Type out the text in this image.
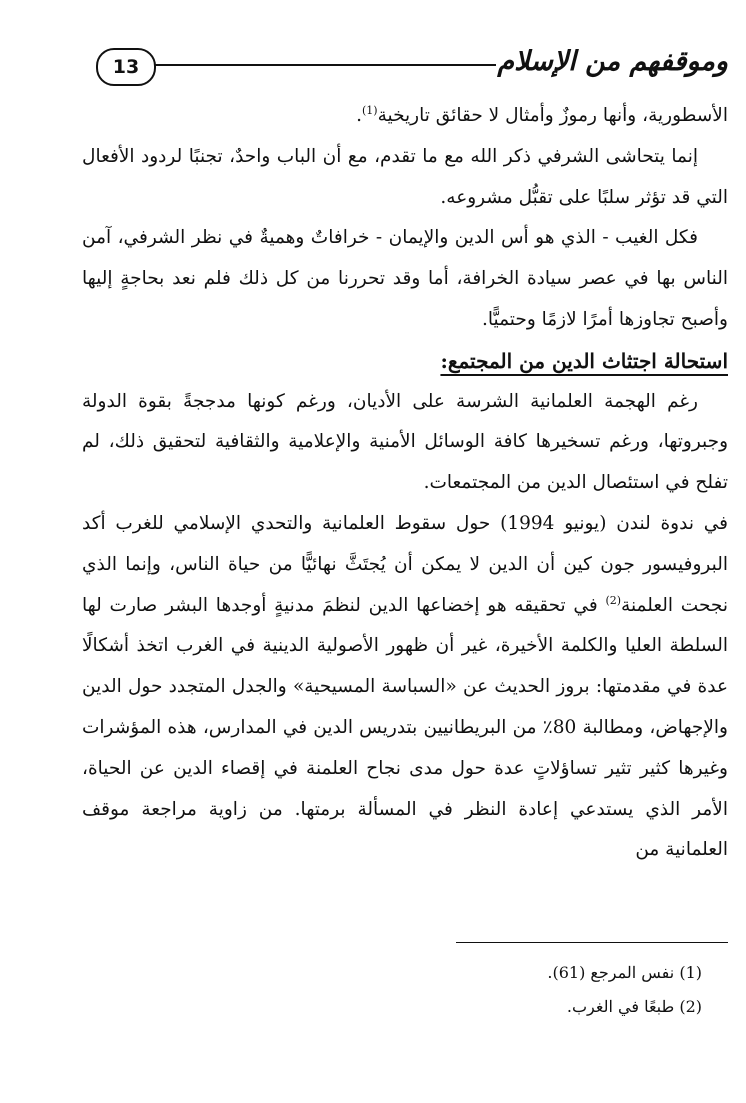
13	وموقفهم من الإسلام

الأسطورية، وأنها رموزٌ وأمثال لا حقائق تاريخية$^{(1)}$.

إنما يتحاشى الشرفي ذكر الله مع ما تقدم، مع أن الباب واحدٌ، تجنبًا لردود الأفعال التي قد تؤثر سلبًا على تقبُّل مشروعه.

فكل الغيب - الذي هو أس الدين والإيمان - خرافاتٌ وهميةٌ في نظر الشرفي، آمن الناس بها في عصر سيادة الخرافة، أما وقد تحررنا من كل ذلك فلم نعد بحاجةٍ إليها وأصبح تجاوزها أمرًا لازمًا وحتميًّا.

استحالة اجتثاث الدين من المجتمع:

رغم الهجمة العلمانية الشرسة على الأديان، ورغم كونها مدججةً بقوة الدولة وجبروتها، ورغم تسخيرها كافة الوسائل الأمنية والإعلامية والثقافية لتحقيق ذلك، لم تفلح في استئصال الدين من المجتمعات.

في ندوة لندن (يونيو 1994) حول سقوط العلمانية والتحدي الإسلامي للغرب أكد البروفيسور جون كين أن الدين لا يمكن أن يُجتَثَّ نهائيًّا من حياة الناس، وإنما الذي نجحت العلمنة$^{(2)}$ في تحقيقه هو إخضاعها الدين لنظمَ مدنيةٍ أوجدها البشر صارت لها السلطة العليا والكلمة الأخيرة، غير أن ظهور الأصولية الدينية في الغرب اتخذ أشكالًا عدة في مقدمتها: بروز الحديث عن «السباسة المسيحية» والجدل المتجدد حول الدين والإجهاض، ومطالبة 80٪ من البريطانيين بتدريس الدين في المدارس، هذه المؤشرات وغيرها كثير تثير تساؤلاتٍ عدة حول مدى نجاح العلمنة في إقصاء الدين عن الحياة، الأمر الذي يستدعي إعادة النظر في المسألة برمتها. من زاوية مراجعة موقف العلمانية من

(1) نفس المرجع (61).

(2) طبعًا في الغرب.
